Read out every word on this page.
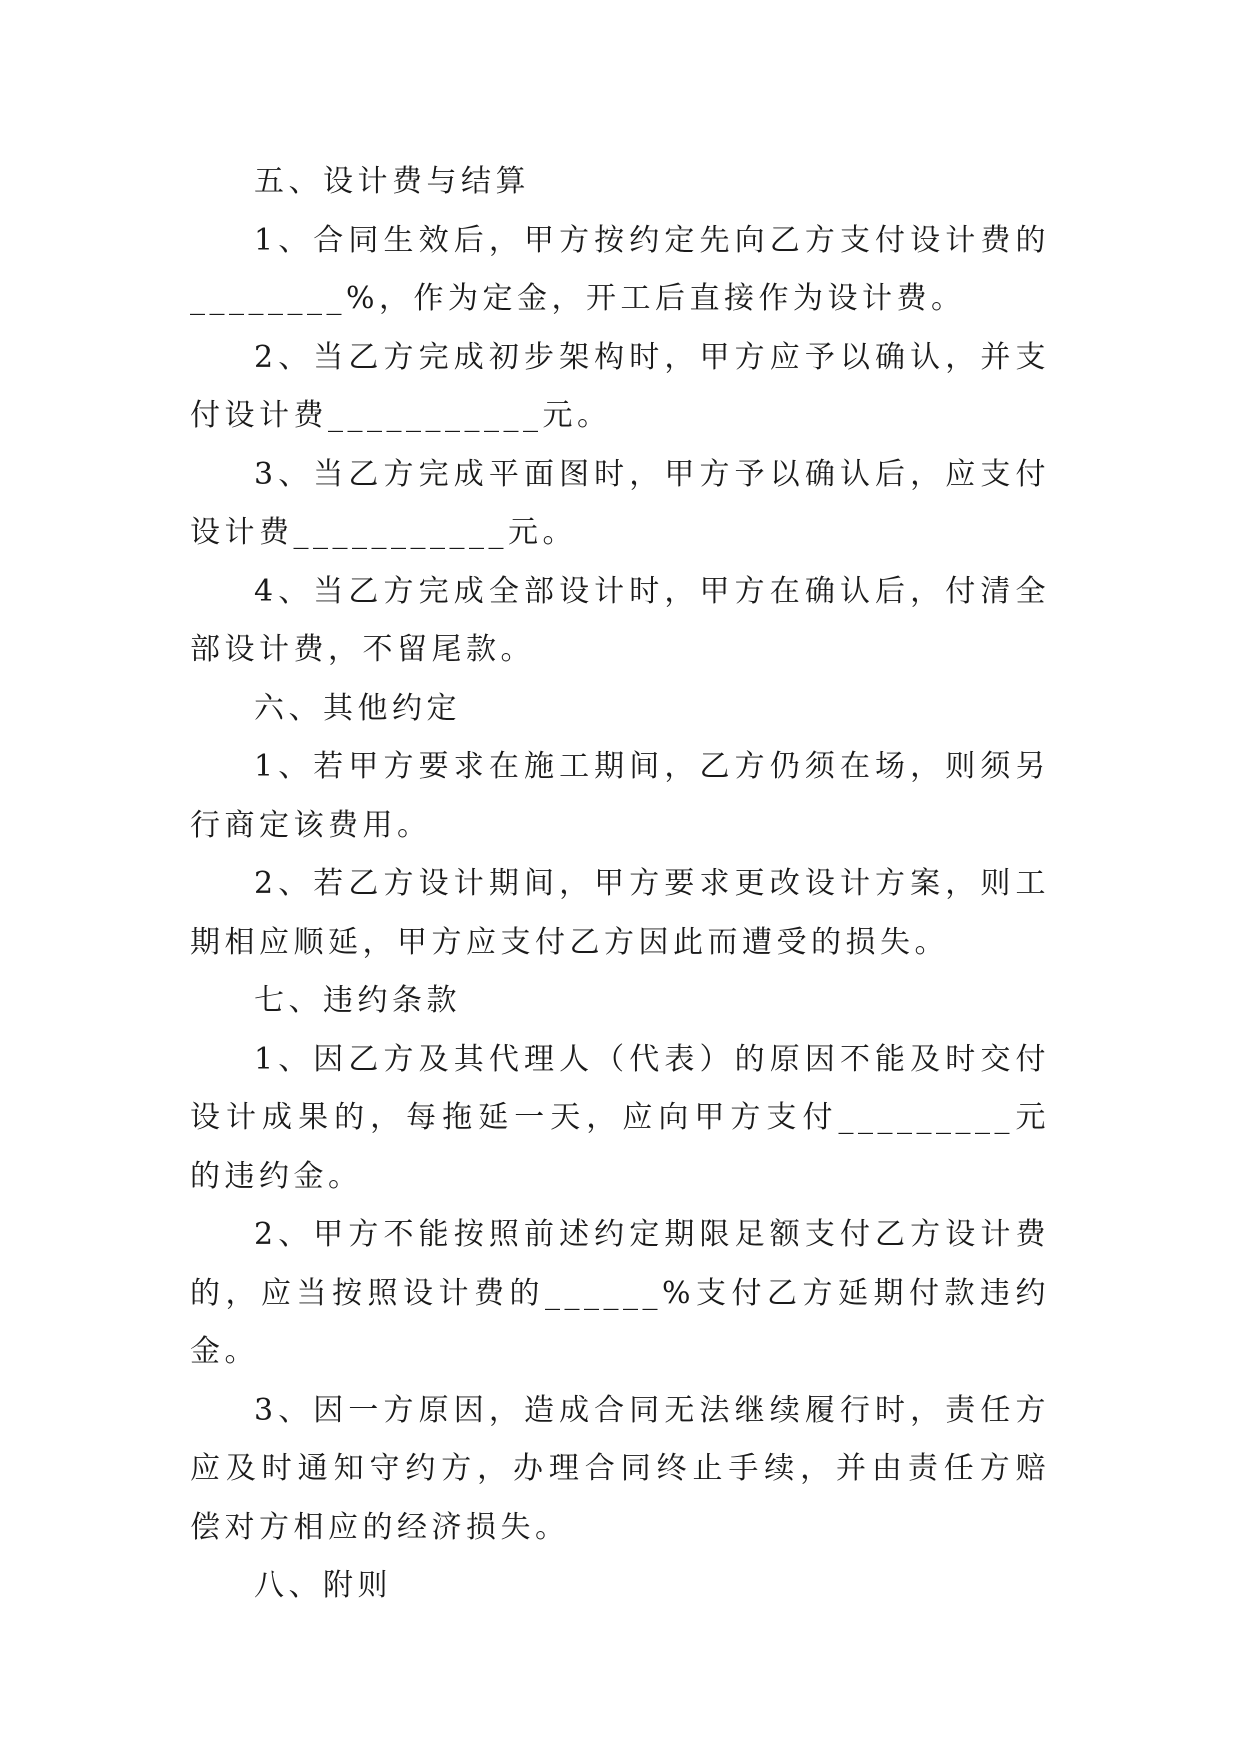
五、设计费与结算

1、合同生效后，甲方按约定先向乙方支付设计费的________%，作为定金，开工后直接作为设计费。

2、当乙方完成初步架构时，甲方应予以确认，并支付设计费___________元。

3、当乙方完成平面图时，甲方予以确认后，应支付设计费___________元。

4、当乙方完成全部设计时，甲方在确认后，付清全部设计费，不留尾款。

六、其他约定

1、若甲方要求在施工期间，乙方仍须在场，则须另行商定该费用。

2、若乙方设计期间，甲方要求更改设计方案，则工期相应顺延，甲方应支付乙方因此而遭受的损失。

七、违约条款

1、因乙方及其代理人（代表）的原因不能及时交付设计成果的，每拖延一天，应向甲方支付_________元的违约金。

2、甲方不能按照前述约定期限足额支付乙方设计费的，应当按照设计费的______%支付乙方延期付款违约金。

3、因一方原因，造成合同无法继续履行时，责任方应及时通知守约方，办理合同终止手续，并由责任方赔偿对方相应的经济损失。

八、附则
